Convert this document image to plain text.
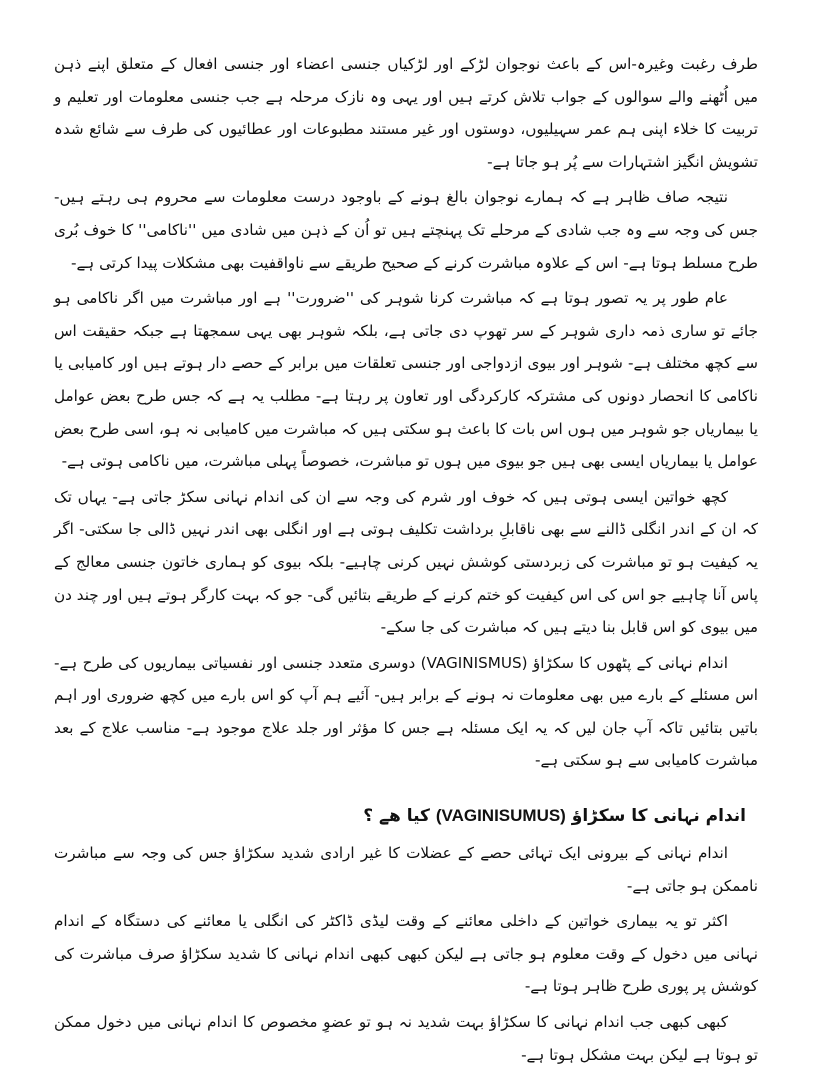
طرف رغبت وغیرہ-اس کے باعث نوجوان لڑکے اور لڑکیاں جنسی اعضاء اور جنسی افعال کے متعلق اپنے ذہن میں اُٹھنے والے سوالوں کے جواب تلاش کرتے ہیں اور یہی وہ نازک مرحلہ ہے جب جنسی معلومات اور تعلیم و تربیت کا خلاء اپنی ہم عمر سہیلیوں، دوستوں اور غیر مستند مطبوعات اور عطائیوں کی طرف سے شائع شدہ تشویش انگیز اشتہارات سے پُر ہو جاتا ہے-

نتیجہ صاف ظاہر ہے کہ ہمارے نوجوان بالغ ہونے کے باوجود درست معلومات سے محروم ہی رہتے ہیں- جس کی وجہ سے وہ جب شادی کے مرحلے تک پہنچتے ہیں تو اُن کے ذہن میں شادی میں ''ناکامی'' کا خوف بُری طرح مسلط ہوتا ہے- اس کے علاوہ مباشرت کرنے کے صحیح طریقے سے ناواقفیت بھی مشکلات پیدا کرتی ہے-

عام طور پر یہ تصور ہوتا ہے کہ مباشرت کرنا شوہر کی ''ضرورت'' ہے اور مباشرت میں اگر ناکامی ہو جائے تو ساری ذمہ داری شوہر کے سر تھوپ دی جاتی ہے، بلکہ شوہر بھی یہی سمجھتا ہے جبکہ حقیقت اس سے کچھ مختلف ہے- شوہر اور بیوی ازدواجی اور جنسی تعلقات میں برابر کے حصے دار ہوتے ہیں اور کامیابی یا ناکامی کا انحصار دونوں کی مشترکہ کارکردگی اور تعاون پر رہتا ہے- مطلب یہ ہے کہ جس طرح بعض عوامل یا بیماریاں جو شوہر میں ہوں اس بات کا باعث ہو سکتی ہیں کہ مباشرت میں کامیابی نہ ہو، اسی طرح بعض عوامل یا بیماریاں ایسی بھی ہیں جو بیوی میں ہوں تو مباشرت، خصوصاً پہلی مباشرت، میں ناکامی ہوتی ہے-

کچھ خواتین ایسی ہوتی ہیں کہ خوف اور شرم کی وجہ سے ان کی اندام نہانی سکڑ جاتی ہے- یہاں تک کہ ان کے اندر انگلی ڈالنے سے بھی ناقابلِ برداشت تکلیف ہوتی ہے اور انگلی بھی اندر نہیں ڈالی جا سکتی- اگر یہ کیفیت ہو تو مباشرت کی زبردستی کوشش نہیں کرنی چاہیے- بلکہ بیوی کو ہماری خاتون جنسی معالج کے پاس آنا چاہیے جو اس کی اس کیفیت کو ختم کرنے کے طریقے بتائیں گی- جو کہ بہت کارگر ہوتے ہیں اور چند دن میں بیوی کو اس قابل بنا دیتے ہیں کہ مباشرت کی جا سکے-

اندام نہانی کے پٹھوں کا سکڑاؤ (VAGINISMUS) دوسری متعدد جنسی اور نفسیاتی بیماریوں کی طرح ہے- اس مسئلے کے بارے میں بھی معلومات نہ ہونے کے برابر ہیں- آئیے ہم آپ کو اس بارے میں کچھ ضروری اور اہم باتیں بتائیں تاکہ آپ جان لیں کہ یہ ایک مسئلہ ہے جس کا مؤثر اور جلد علاج موجود ہے- مناسب علاج کے بعد مباشرت کامیابی سے ہو سکتی ہے-

اندام نہانی کا سکڑاؤ (VAGINISUMUS) کیا ھے ؟

اندام نہانی کے بیرونی ایک تہائی حصے کے عضلات کا غیر ارادی شدید سکڑاؤ جس کی وجہ سے مباشرت ناممکن ہو جاتی ہے-

اکثر تو یہ بیماری خواتین کے داخلی معائنے کے وقت لیڈی ڈاکٹر کی انگلی یا معائنے کی دستگاہ کے اندام نہانی میں دخول کے وقت معلوم ہو جاتی ہے لیکن کبھی کبھی اندام نہانی کا شدید سکڑاؤ صرف مباشرت کی کوشش پر پوری طرح ظاہر ہوتا ہے-

کبھی کبھی جب اندام نہانی کا سکڑاؤ بہت شدید نہ ہو تو عضوِ مخصوص کا اندام نہانی میں دخول ممکن تو ہوتا ہے لیکن بہت مشکل ہوتا ہے-
